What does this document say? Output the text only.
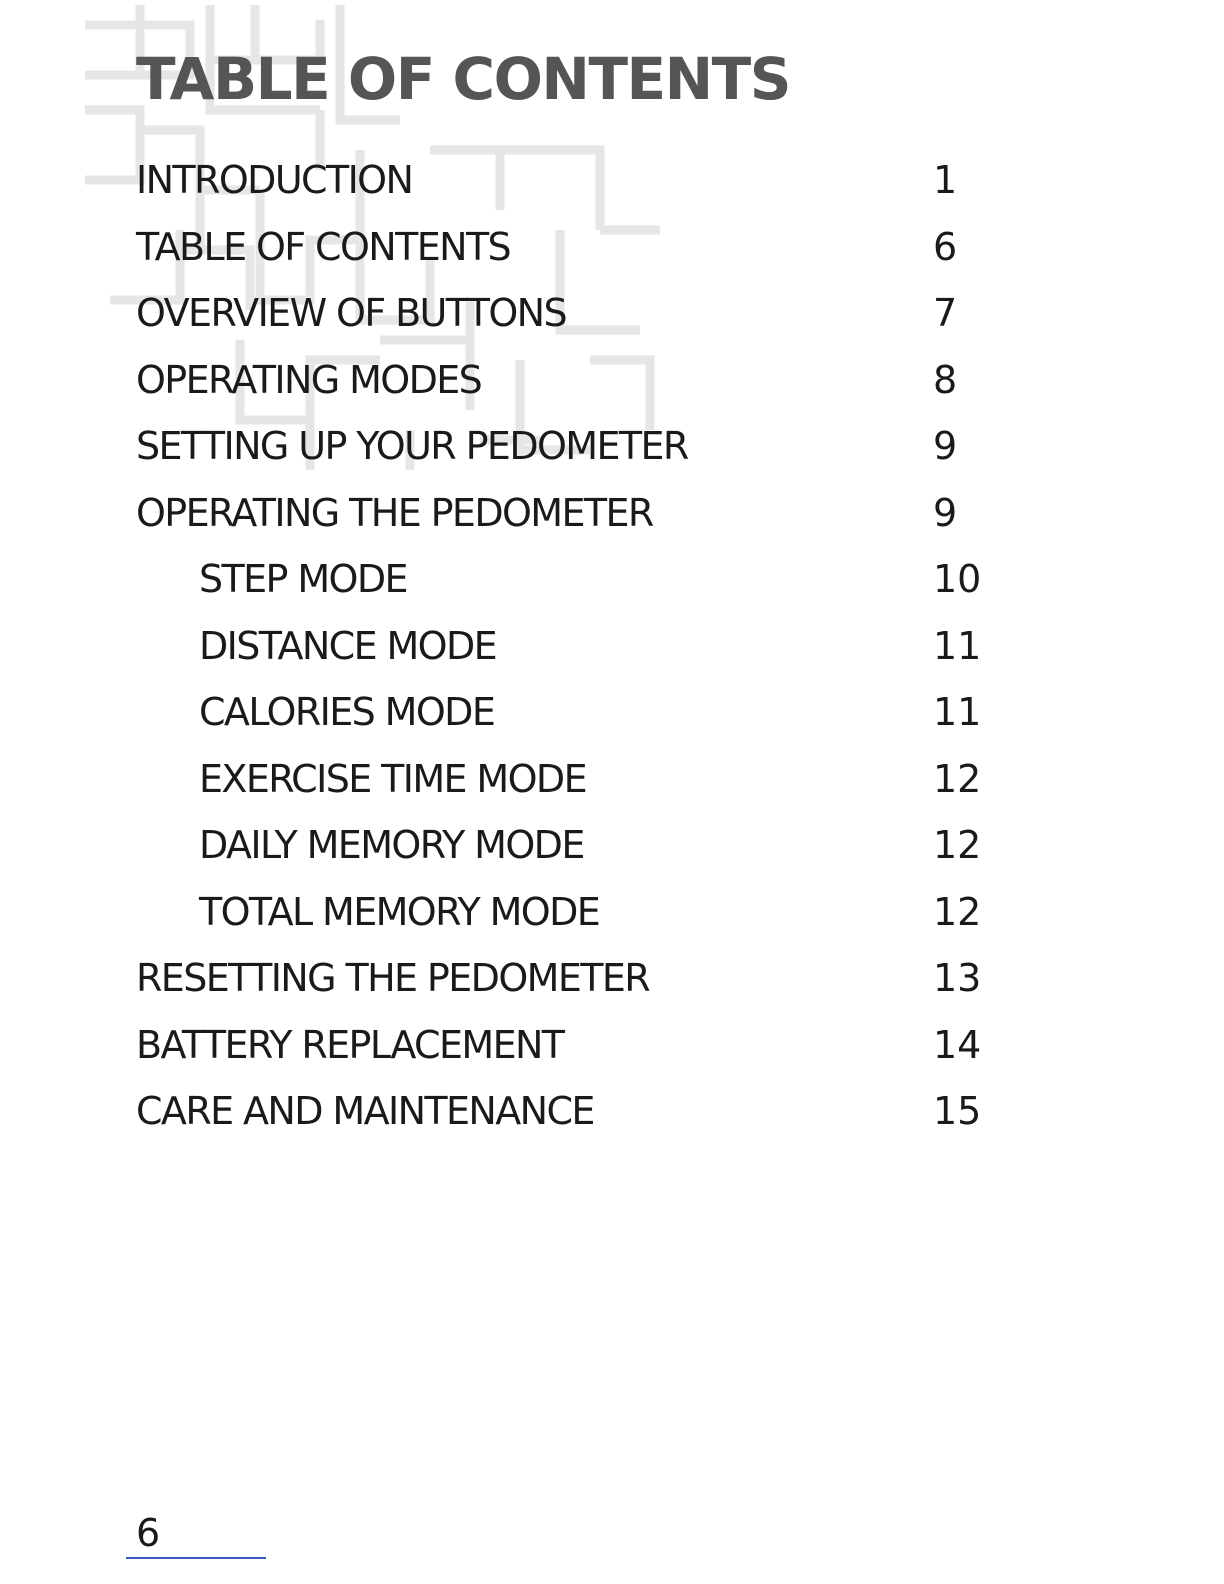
TABLE OF CONTENTS
INTRODUCTION	1
TABLE OF CONTENTS	6
OVERVIEW OF BUTTONS	7
OPERATING MODES	8
SETTING UP YOUR PEDOMETER	9
OPERATING THE PEDOMETER	9
STEP MODE	10
DISTANCE MODE	11
CALORIES MODE	11
EXERCISE TIME MODE	12
DAILY MEMORY MODE	12
TOTAL MEMORY MODE	12
RESETTING THE PEDOMETER	13
BATTERY REPLACEMENT	14
CARE AND MAINTENANCE	15
6
